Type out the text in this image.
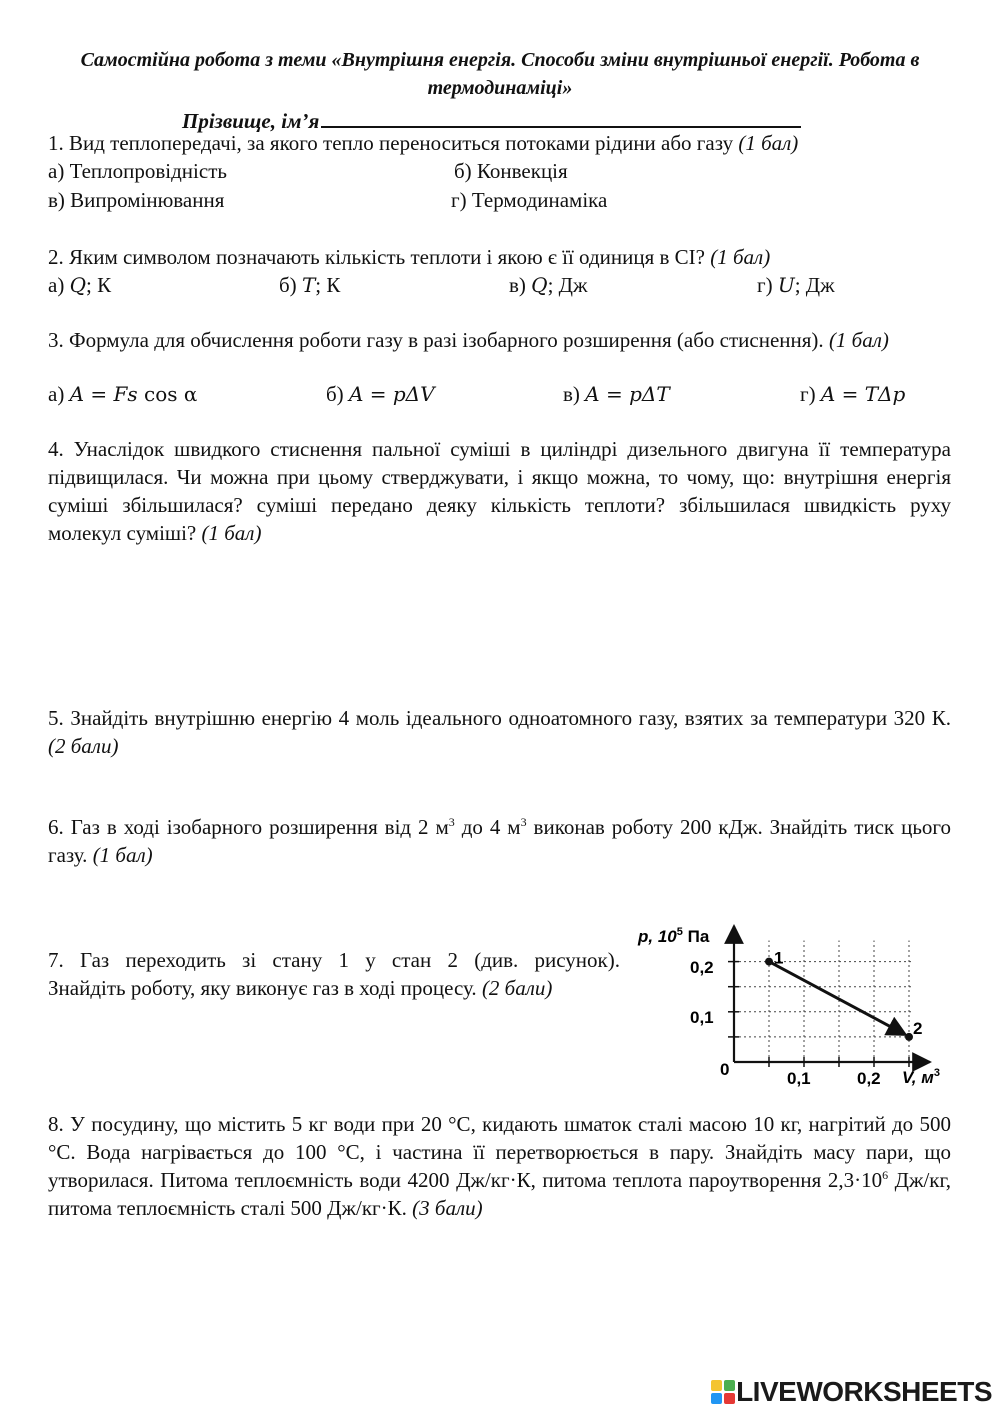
Самостійна робота з теми «Внутрішня енергія. Способи зміни внутрішньої енергії. Робота в термодинаміці»
Прізвище, ім’я
1. Вид теплопередачі, за якого тепло переноситься потоками рідини або газу (1 бал)
а) Теплопровідність	б) Конвекція
в) Випромінювання	г) Термодинаміка
2. Яким символом позначають кількість теплоти і якою є її одиниця в СІ? (1 бал)
а) Q; К	б) T; К	в) Q; Дж	г) U; Дж
3. Формула для обчислення роботи газу в разі ізобарного розширення (або стиснення). (1 бал)
а) A = Fs cos α	б) A = pΔV	в) A = pΔT	г) A = TΔp
4. Унаслідок швидкого стиснення пальної суміші в циліндрі дизельного двигуна її температура підвищилася. Чи можна при цьому стверджувати, і якщо можна, то чому, що: внутрішня енергія суміші збільшилася? суміші передано деяку кількість теплоти? збільшилася швидкість руху молекул суміші? (1 бал)
5. Знайдіть внутрішню енергію 4 моль ідеального одноатомного газу, взятих за температури 320 К. (2 бали)
6. Газ в ході ізобарного розширення від 2 $м^3$ до 4 $м^3$ виконав роботу 200 кДж. Знайдіть тиск цього газу. (1 бал)
7. Газ переходить зі стану 1 у стан 2 (див. рисунок).
Знайдіть роботу, яку виконує газ в ході процесу. (2 бали)
p, $10^5$ Па
V, $м^3$
0
0,2
0,1
0,1	0,2
1
2
8. У посудину, що містить 5 кг води при 20 °С, кидають шматок сталі масою 10 кг, нагрітий до 500 °С. Вода нагрівається до 100 °С, і частина її перетворюється в пару. Знайдіть масу пари, що утворилася. Питома теплоємність води 4200 Дж/кг·К, питома теплота пароутворення $2,3\cdot 10^6$ Дж/кг, питома теплоємність сталі 500 Дж/кг·К. (3 бали)
LIVEWORKSHEETS
